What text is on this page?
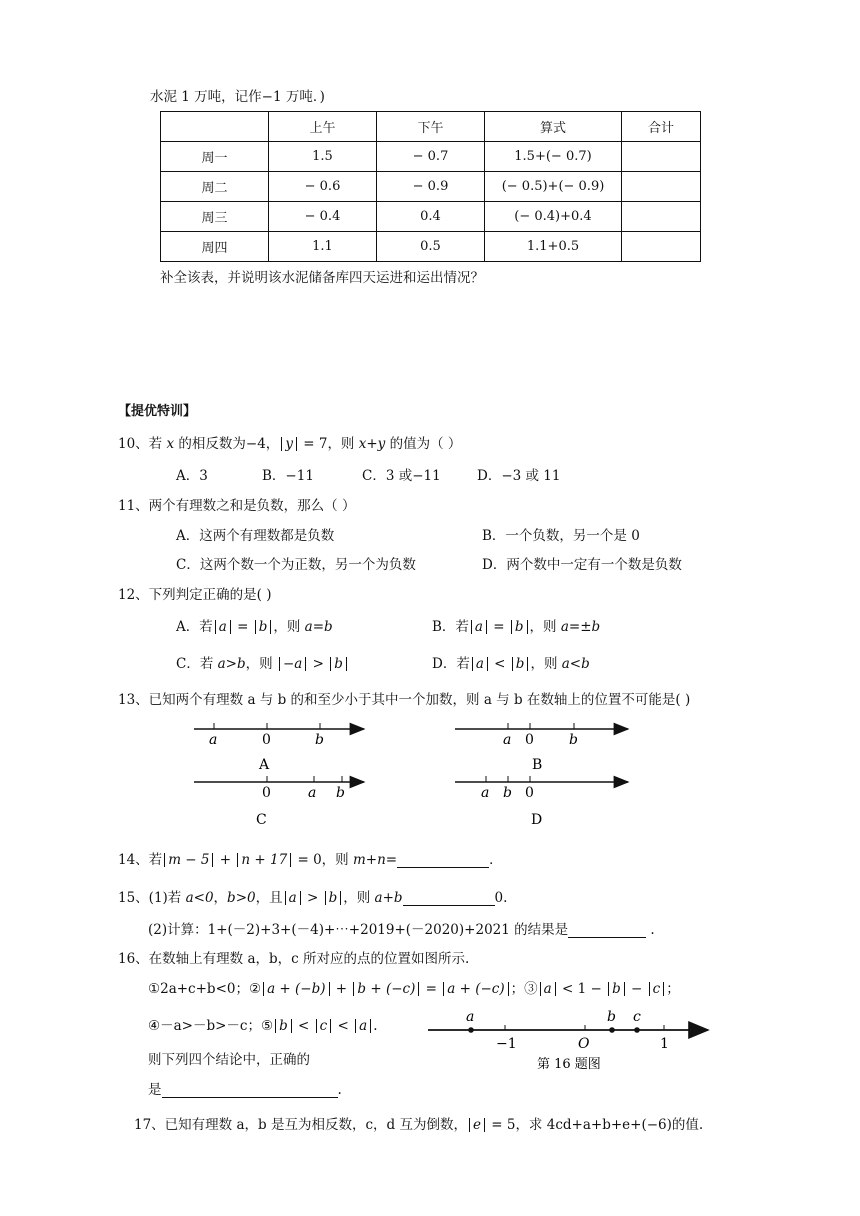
水泥 1 万吨，记作−1 万吨．)
	上午	下午	算式	合计
周一	1.5	− 0.7	1.5+(− 0.7)	
周二	− 0.6	− 0.9	(− 0.5)+(− 0.9)	
周三	− 0.4	0.4	(− 0.4)+0.4	
周四	1.1	0.5	1.1+0.5	
补全该表，并说明该水泥储备库四天运进和运出情况？
【提优特训】
10、若 x 的相反数为−4， y = 7，则 x+y 的值为（ ）
A．3	B．−11	C．3 或−11	D．−3 或 11
11、两个有理数之和是负数，那么（ ）
A．这两个有理数都是负数	B．一个负数，另一个是 0
C．这两个数一个为正数，另一个为负数	D．两个数中一定有一个数是负数
12、下列判定正确的是( )
A．若 a = b ，则 a=b	B．若 a = b ，则 a=±b
C．若 a>b，则 −a > b	D．若 a < b ，则 a<b
13、已知两个有理数 a 与 b 的和至少小于其中一个加数，则 a 与 b 在数轴上的位置不可能是( )
a	0	b
A
a 0	b
B
0	a b
C
a b 0
D
14、若 m − 5 + n + 17 = 0，则 m+n=	．
15、(1)若 a<0，b>0，且 a > b ，则 a+b	0.
(2)计算：1+(－2)+3+(－4)+⋯+2019+(－2020)+2021 的结果是	.
16、在数轴上有理数 a，b，c 所对应的点的位置如图所示.
①2a+c+b<0；② a + (−b) + b + (−c) = a + (−c) ；③ a < 1 − b − c ；
④－a>－b>－c；⑤ b < c < a .
则下列四个结论中，正确的
是	.
a
−1	O
b c
1
第 16 题图
17、已知有理数 a，b 是互为相反数，c，d 互为倒数， e = 5，求 4cd+a+b+e+(−6)的值.
